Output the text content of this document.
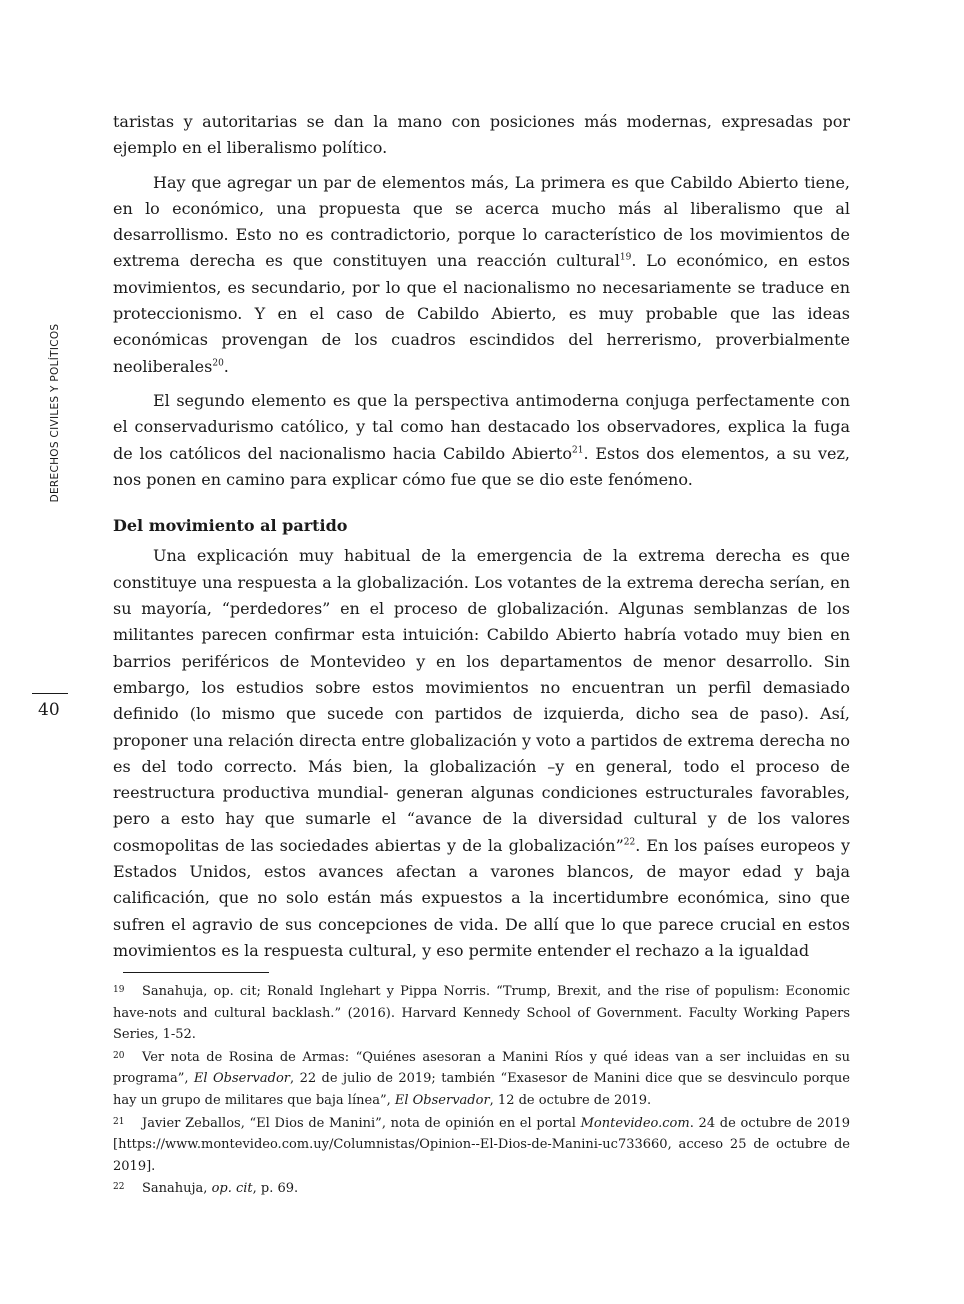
DERECHOS CIVILES Y POLÍTICOS
40

taristas y autoritarias se dan la mano con posiciones más modernas, expresadas por ejemplo en el liberalismo político.

Hay que agregar un par de elementos más, La primera es que Cabildo Abierto tiene, en lo económico, una propuesta que se acerca mucho más al liberalismo que al desarrollismo. Esto no es contradictorio, porque lo característico de los movimientos de extrema derecha es que constituyen una reacción cultural$^{19}$. Lo económico, en estos movimientos, es secundario, por lo que el nacionalismo no necesariamente se traduce en proteccionismo. Y en el caso de Cabildo Abierto, es muy probable que las ideas económicas provengan de los cuadros escindidos del herrerismo, proverbialmente neoliberales$^{20}$.

El segundo elemento es que la perspectiva antimoderna conjuga perfectamente con el conservadurismo católico, y tal como han destacado los observadores, explica la fuga de los católicos del nacionalismo hacia Cabildo Abierto$^{21}$. Estos dos elementos, a su vez, nos ponen en camino para explicar cómo fue que se dio este fenómeno.

Del movimiento al partido

Una explicación muy habitual de la emergencia de la extrema derecha es que constituye una respuesta a la globalización. Los votantes de la extrema derecha serían, en su mayoría, “perdedores” en el proceso de globalización. Algunas semblanzas de los militantes parecen confirmar esta intuición: Cabildo Abierto habría votado muy bien en barrios periféricos de Montevideo y en los departamentos de menor desarrollo. Sin embargo, los estudios sobre estos movimientos no encuentran un perfil demasiado definido (lo mismo que sucede con partidos de izquierda, dicho sea de paso). Así, proponer una relación directa entre globalización y voto a partidos de extrema derecha no es del todo correcto. Más bien, la globalización –y en general, todo el proceso de reestructura productiva mundial- generan algunas condiciones estructurales favorables, pero a esto hay que sumarle el “avance de la diversidad cultural y de los valores cosmopolitas de las sociedades abiertas y de la globalización”$^{22}$. En los países europeos y Estados Unidos, estos avances afectan a varones blancos, de mayor edad y baja calificación, que no solo están más expuestos a la incertidumbre económica, sino que sufren el agravio de sus concepciones de vida. De allí que lo que parece crucial en estos movimientos es la respuesta cultural, y eso permite entender el rechazo a la igualdad

19 Sanahuja, op. cit; Ronald Inglehart y Pippa Norris. “Trump, Brexit, and the rise of populism: Economic have-nots and cultural backlash.” (2016). Harvard Kennedy School of Government. Faculty Working Papers Series, 1-52.

20 Ver nota de Rosina de Armas: “Quiénes asesoran a Manini Ríos y qué ideas van a ser incluidas en su programa”, El Observador, 22 de julio de 2019; también “Exasesor de Manini dice que se desvinculo porque hay un grupo de militares que baja línea”, El Observador, 12 de octubre de 2019.

21 Javier Zeballos, “El Dios de Manini”, nota de opinión en el portal Montevideo.com. 24 de octubre de 2019 [https://www.montevideo.com.uy/Columnistas/Opinion--El-Dios-de-Manini-uc733660, acceso 25 de octubre de 2019].

22 Sanahuja, op. cit, p. 69.
